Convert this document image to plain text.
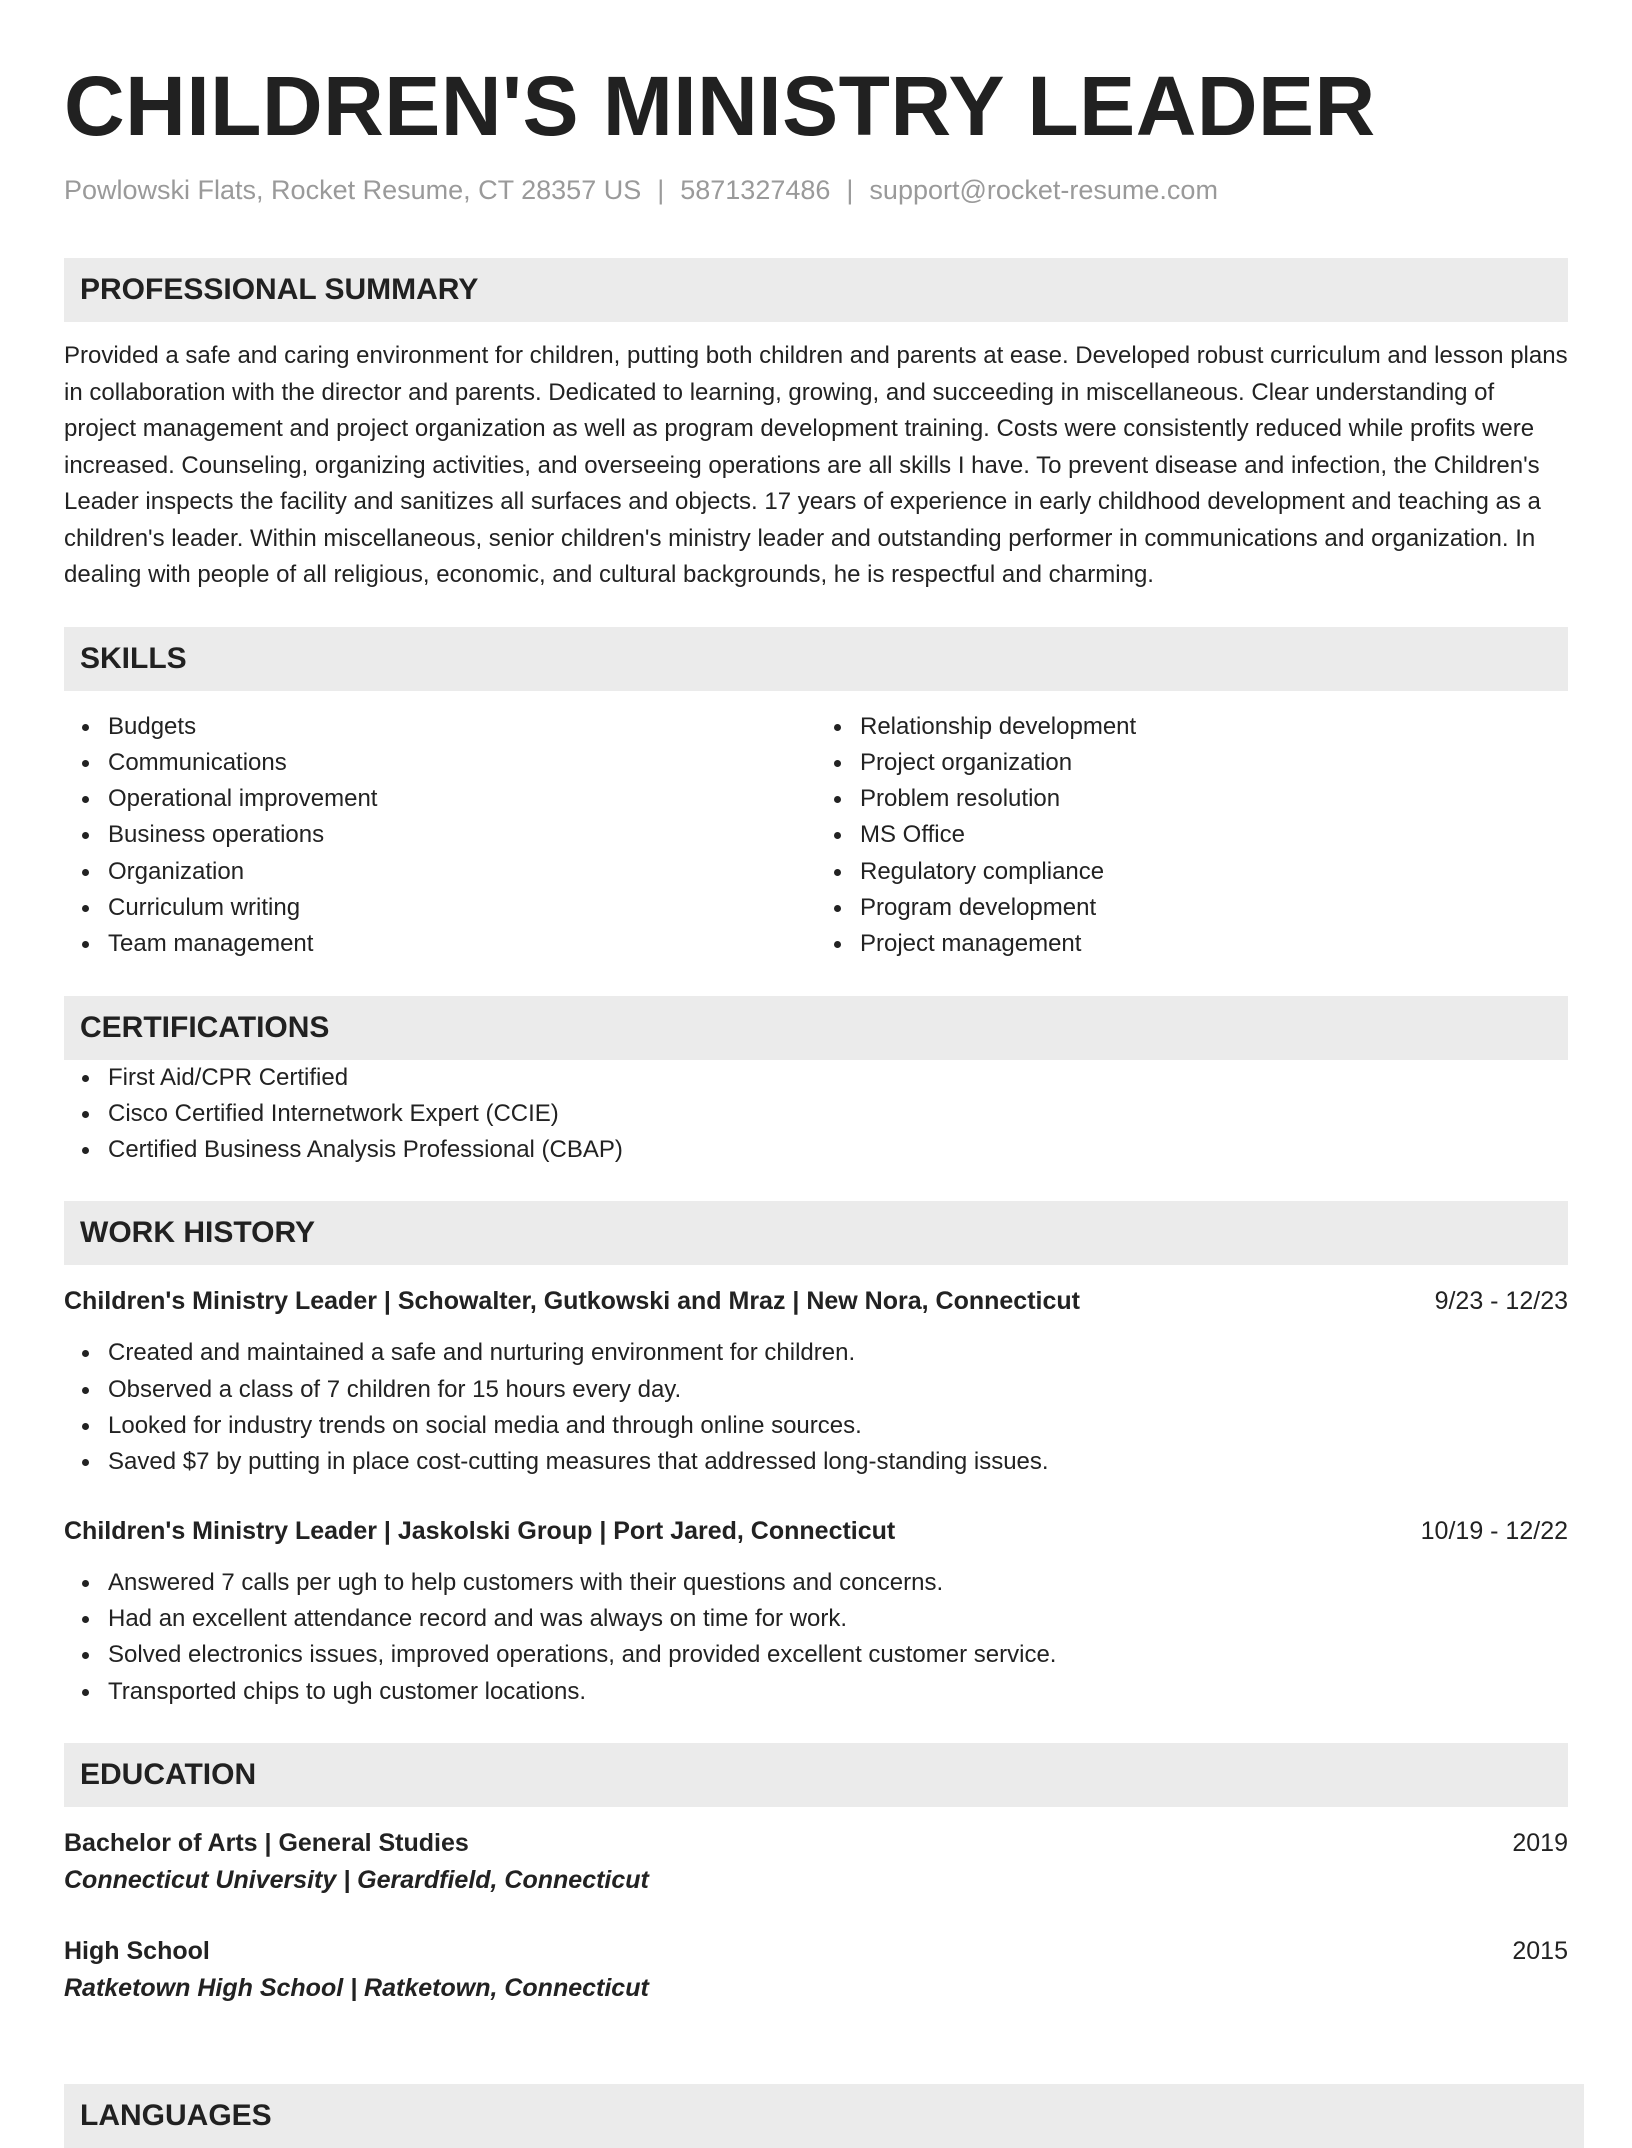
CHILDREN'S MINISTRY LEADER
Powlowski Flats, Rocket Resume, CT 28357 US | 5871327486 | support@rocket-resume.com
PROFESSIONAL SUMMARY

Provided a safe and caring environment for children, putting both children and parents at ease. Developed robust curriculum and lesson plans in collaboration with the director and parents. Dedicated to learning, growing, and succeeding in miscellaneous. Clear understanding of project management and project organization as well as program development training. Costs were consistently reduced while profits were increased. Counseling, organizing activities, and overseeing operations are all skills I have. To prevent disease and infection, the Children's Leader inspects the facility and sanitizes all surfaces and objects. 17 years of experience in early childhood development and teaching as a children's leader. Within miscellaneous, senior children's ministry leader and outstanding performer in communications and organization. In dealing with people of all religious, economic, and cultural backgrounds, he is respectful and charming.

SKILLS
Budgets
Communications
Operational improvement
Business operations
Organization
Curriculum writing
Team management
Relationship development
Project organization
Problem resolution
MS Office
Regulatory compliance
Program development
Project management
CERTIFICATIONS
First Aid/CPR Certified
Cisco Certified Internetwork Expert (CCIE)
Certified Business Analysis Professional (CBAP)
WORK HISTORY
Children's Ministry Leader | Schowalter, Gutkowski and Mraz | New Nora, Connecticut	9/23 - 12/23
Created and maintained a safe and nurturing environment for children.
Observed a class of 7 children for 15 hours every day.
Looked for industry trends on social media and through online sources.
Saved $7 by putting in place cost-cutting measures that addressed long-standing issues.
Children's Ministry Leader | Jaskolski Group | Port Jared, Connecticut	10/19 - 12/22
Answered 7 calls per ugh to help customers with their questions and concerns.
Had an excellent attendance record and was always on time for work.
Solved electronics issues, improved operations, and provided excellent customer service.
Transported chips to ugh customer locations.
EDUCATION
Bachelor of Arts | General Studies	2019
Connecticut University | Gerardfield, Connecticut
High School	2015
Ratketown High School | Ratketown, Connecticut
LANGUAGES
